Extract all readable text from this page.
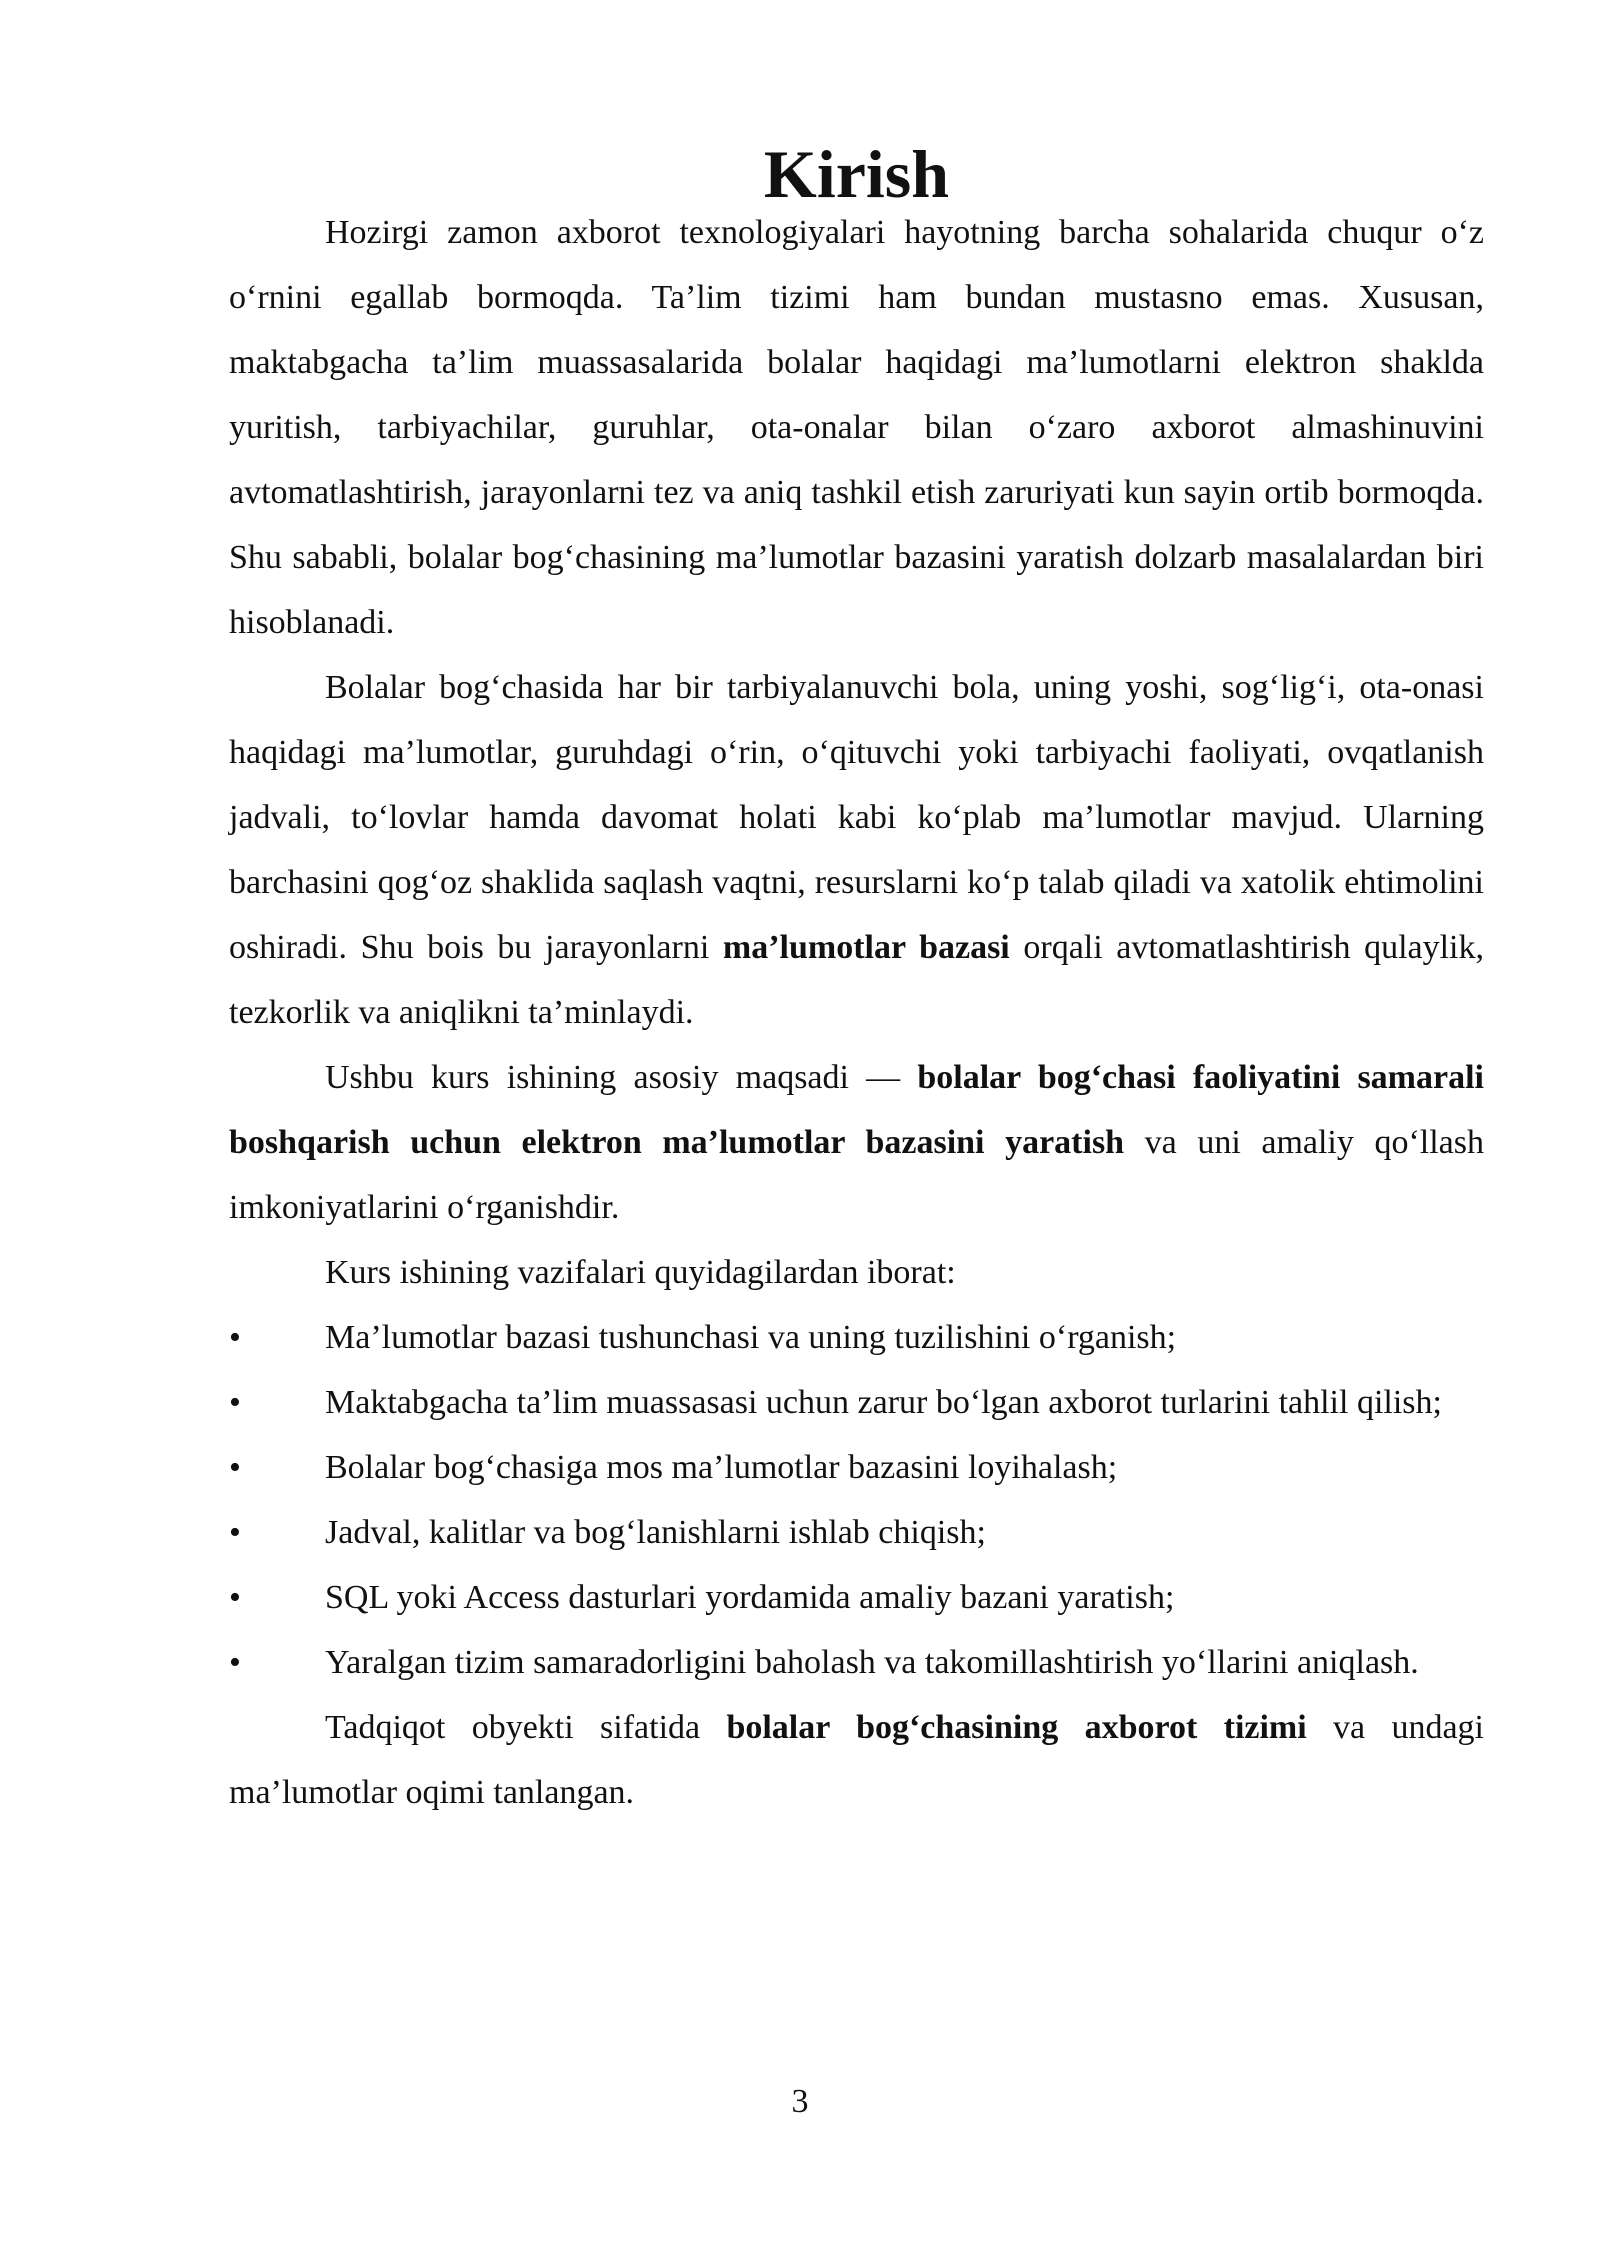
Kirish

Hozirgi zamon axborot texnologiyalari hayotning barcha sohalarida chuqur o‘z o‘rnini egallab bormoqda. Ta’lim tizimi ham bundan mustasno emas. Xususan, maktabgacha ta’lim muassasalarida bolalar haqidagi ma’lumotlarni elektron shaklda yuritish, tarbiyachilar, guruhlar, ota-onalar bilan o‘zaro axborot almashinuvini avtomatlashtirish, jarayonlarni tez va aniq tashkil etish zaruriyati kun sayin ortib bormoqda. Shu sababli, bolalar bog‘chasining ma’lumotlar bazasini yaratish dolzarb masalalardan biri hisoblanadi.

Bolalar bog‘chasida har bir tarbiyalanuvchi bola, uning yoshi, sog‘lig‘i, ota-onasi haqidagi ma’lumotlar, guruhdagi o‘rin, o‘qituvchi yoki tarbiyachi faoliyati, ovqatlanish jadvali, to‘lovlar hamda davomat holati kabi ko‘plab ma’lumotlar mavjud. Ularning barchasini qog‘oz shaklida saqlash vaqtni, resurslarni ko‘p talab qiladi va xatolik ehtimolini oshiradi. Shu bois bu jarayonlarni ma’lumotlar bazasi orqali avtomatlashtirish qulaylik, tezkorlik va aniqlikni ta’minlaydi.

Ushbu kurs ishining asosiy maqsadi — bolalar bog‘chasi faoliyatini samarali boshqarish uchun elektron ma’lumotlar bazasini yaratish va uni amaliy qo‘llash imkoniyatlarini o‘rganishdir.

Kurs ishining vazifalari quyidagilardan iborat:

• Ma’lumotlar bazasi tushunchasi va uning tuzilishini o‘rganish;
• Maktabgacha ta’lim muassasasi uchun zarur bo‘lgan axborot turlarini tahlil qilish;
• Bolalar bog‘chasiga mos ma’lumotlar bazasini loyihalash;
• Jadval, kalitlar va bog‘lanishlarni ishlab chiqish;
• SQL yoki Access dasturlari yordamida amaliy bazani yaratish;
• Yaralgan tizim samaradorligini baholash va takomillashtirish yo‘llarini aniqlash.

Tadqiqot obyekti sifatida bolalar bog‘chasining axborot tizimi va undagi ma’lumotlar oqimi tanlangan.

3
